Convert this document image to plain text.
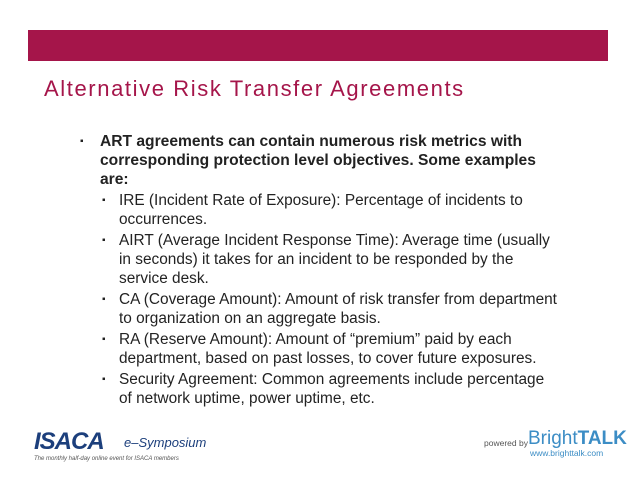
Alternative Risk Transfer Agreements
▪ ART agreements can contain numerous risk metrics with corresponding protection level objectives. Some examples are:
▪ IRE (Incident Rate of Exposure): Percentage of incidents to occurrences.
▪ AIRT (Average Incident Response Time): Average time (usually in seconds) it takes for an incident to be responded by the service desk.
▪ CA (Coverage Amount): Amount of risk transfer from department to organization on an aggregate basis.
▪ RA (Reserve Amount): Amount of “premium” paid by each department, based on past losses, to cover future exposures.
▪ Security Agreement: Common agreements include percentage of network uptime, power uptime, etc.
ISACA e–Symposium
The monthly half-day online event for ISACA members
powered by BrightTALK
www.brighttalk.com
